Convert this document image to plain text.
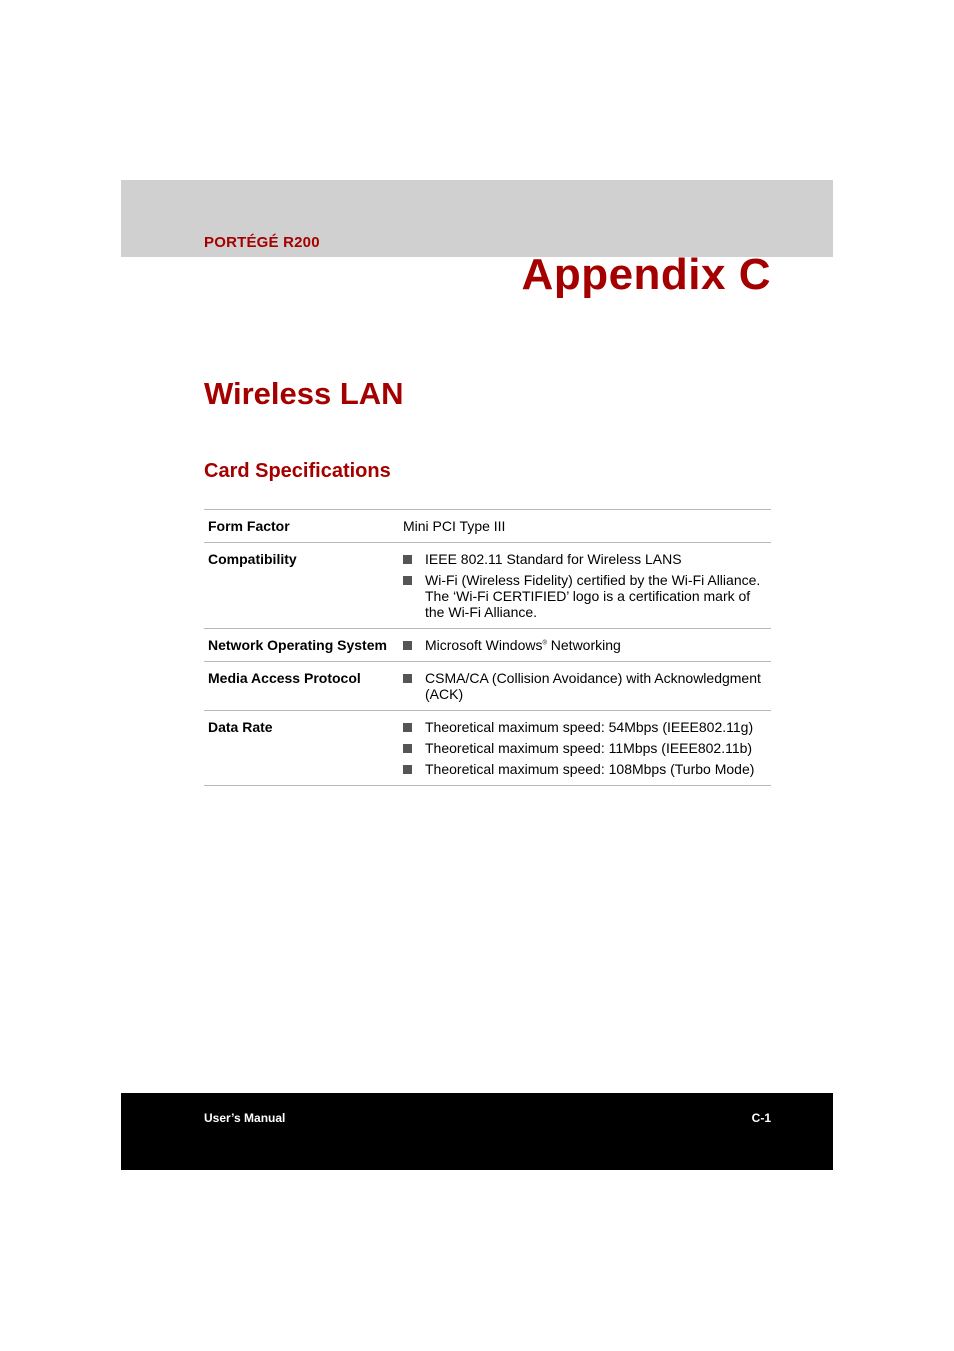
PORTÉGÉ R200
Appendix C
Wireless LAN
Card Specifications
Form Factor	Mini PCI Type III
Compatibility	IEEE 802.11 Standard for Wireless LANS
Wi-Fi (Wireless Fidelity) certified by the Wi-Fi Alliance. The ‘Wi-Fi CERTIFIED’ logo is a certification mark of the Wi-Fi Alliance.

Network Operating System	Microsoft Windows® Networking

Media Access Protocol	CSMA/CA (Collision Avoidance) with Acknowledgment (ACK)

Data Rate	Theoretical maximum speed: 54Mbps (IEEE802.11g)
Theoretical maximum speed: 11Mbps (IEEE802.11b)
Theoretical maximum speed: 108Mbps (Turbo Mode)
User’s Manual	C-1
